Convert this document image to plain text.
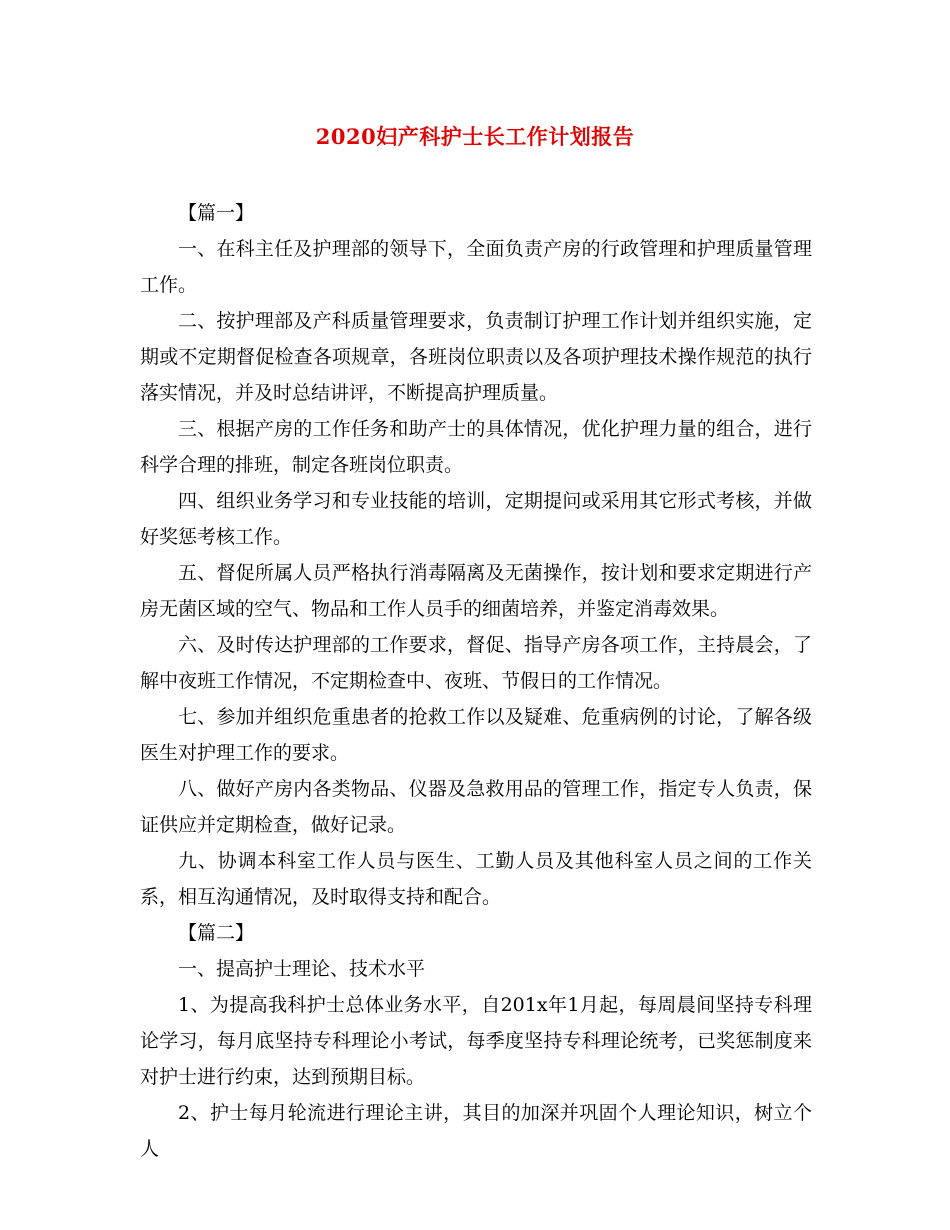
2020妇产科护士长工作计划报告

【篇一】

一、在科主任及护理部的领导下，全面负责产房的行政管理和护理质量管理工作。

二、按护理部及产科质量管理要求，负责制订护理工作计划并组织实施，定期或不定期督促检查各项规章，各班岗位职责以及各项护理技术操作规范的执行落实情况，并及时总结讲评，不断提高护理质量。

三、根据产房的工作任务和助产士的具体情况，优化护理力量的组合，进行科学合理的排班，制定各班岗位职责。

四、组织业务学习和专业技能的培训，定期提问或采用其它形式考核，并做好奖惩考核工作。

五、督促所属人员严格执行消毒隔离及无菌操作，按计划和要求定期进行产房无菌区域的空气、物品和工作人员手的细菌培养，并鉴定消毒效果。

六、及时传达护理部的工作要求，督促、指导产房各项工作，主持晨会，了解中夜班工作情况，不定期检查中、夜班、节假日的工作情况。

七、参加并组织危重患者的抢救工作以及疑难、危重病例的讨论，了解各级医生对护理工作的要求。

八、做好产房内各类物品、仪器及急救用品的管理工作，指定专人负责，保证供应并定期检查，做好记录。

九、协调本科室工作人员与医生、工勤人员及其他科室人员之间的工作关系，相互沟通情况，及时取得支持和配合。

【篇二】

一、提高护士理论、技术水平

1、为提高我科护士总体业务水平，自201x年1月起，每周晨间坚持专科理论学习，每月底坚持专科理论小考试，每季度坚持专科理论统考，已奖惩制度来对护士进行约束，达到预期目标。

2、护士每月轮流进行理论主讲，其目的加深并巩固个人理论知识，树立个人
